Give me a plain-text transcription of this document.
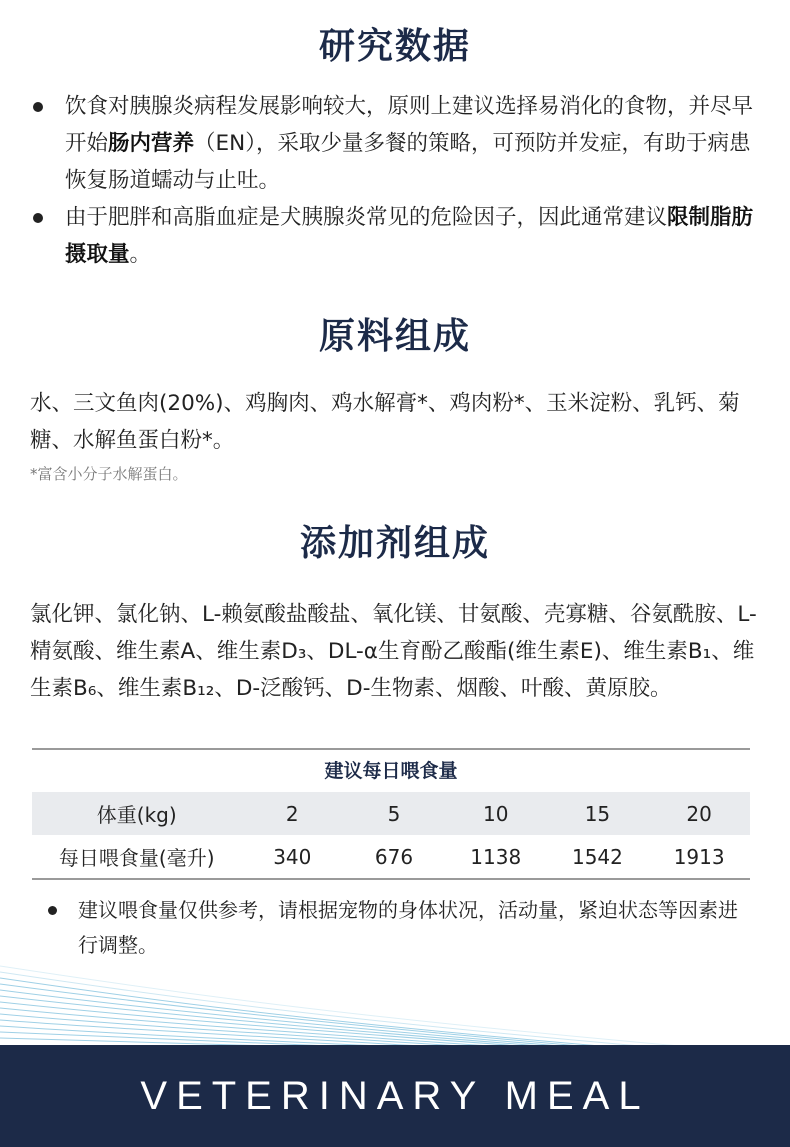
研究数据
饮食对胰腺炎病程发展影响较大，原则上建议选择易消化的食物，并尽早开始肠内营养（EN），采取少量多餐的策略，可预防并发症，有助于病患恢复肠道蠕动与止吐。
由于肥胖和高脂血症是犬胰腺炎常见的危险因子，因此通常建议限制脂肪摄取量。
原料组成
水、三文鱼肉(20%)、鸡胸肉、鸡水解膏*、鸡肉粉*、玉米淀粉、乳钙、菊糖、水解鱼蛋白粉*。
*富含小分子水解蛋白。
添加剂组成
氯化钾、氯化钠、L-赖氨酸盐酸盐、氧化镁、甘氨酸、壳寡糖、谷氨酰胺、L-精氨酸、维生素A、维生素D₃、DL-α生育酚乙酸酯(维生素E)、维生素B₁、维生素B₆、维生素B₁₂、D-泛酸钙、D-生物素、烟酸、叶酸、黄原胶。
建议每日喂食量
体重(kg)	2	5	10	15	20
每日喂食量(毫升)	340	676	1138	1542	1913
建议喂食量仅供参考，请根据宠物的身体状况，活动量，紧迫状态等因素进行调整。
VETERINARY MEAL
